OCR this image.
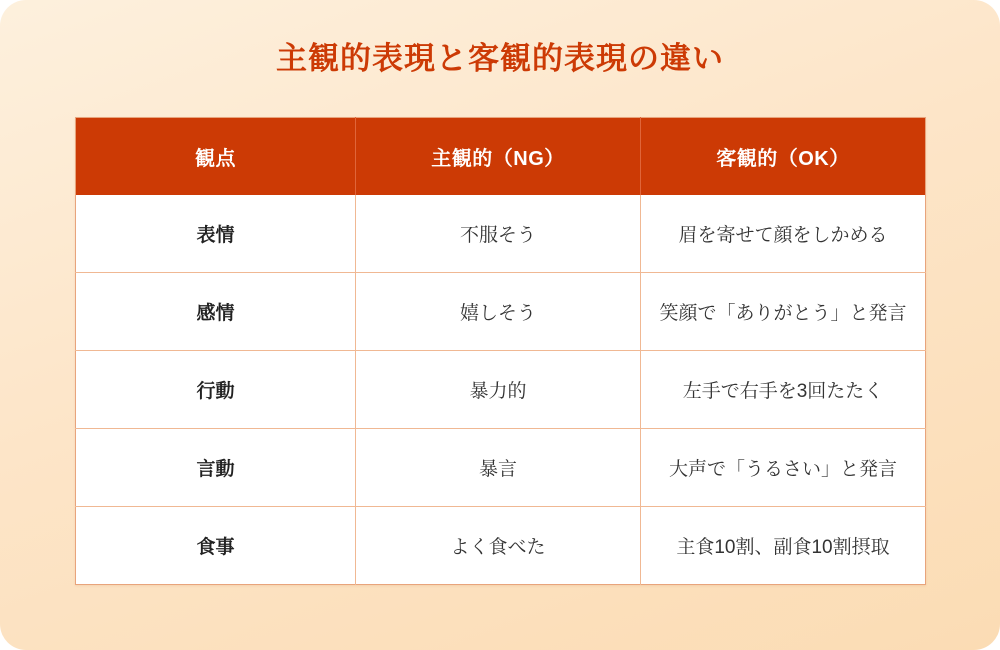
主観的表現と客観的表現の違い
観点	主観的（NG）	客観的（OK）
表情	不服そう	眉を寄せて顔をしかめる
感情	嬉しそう	笑顔で「ありがとう」と発言
行動	暴力的	左手で右手を3回たたく
言動	暴言	大声で「うるさい」と発言
食事	よく食べた	主食10割、副食10割摂取
